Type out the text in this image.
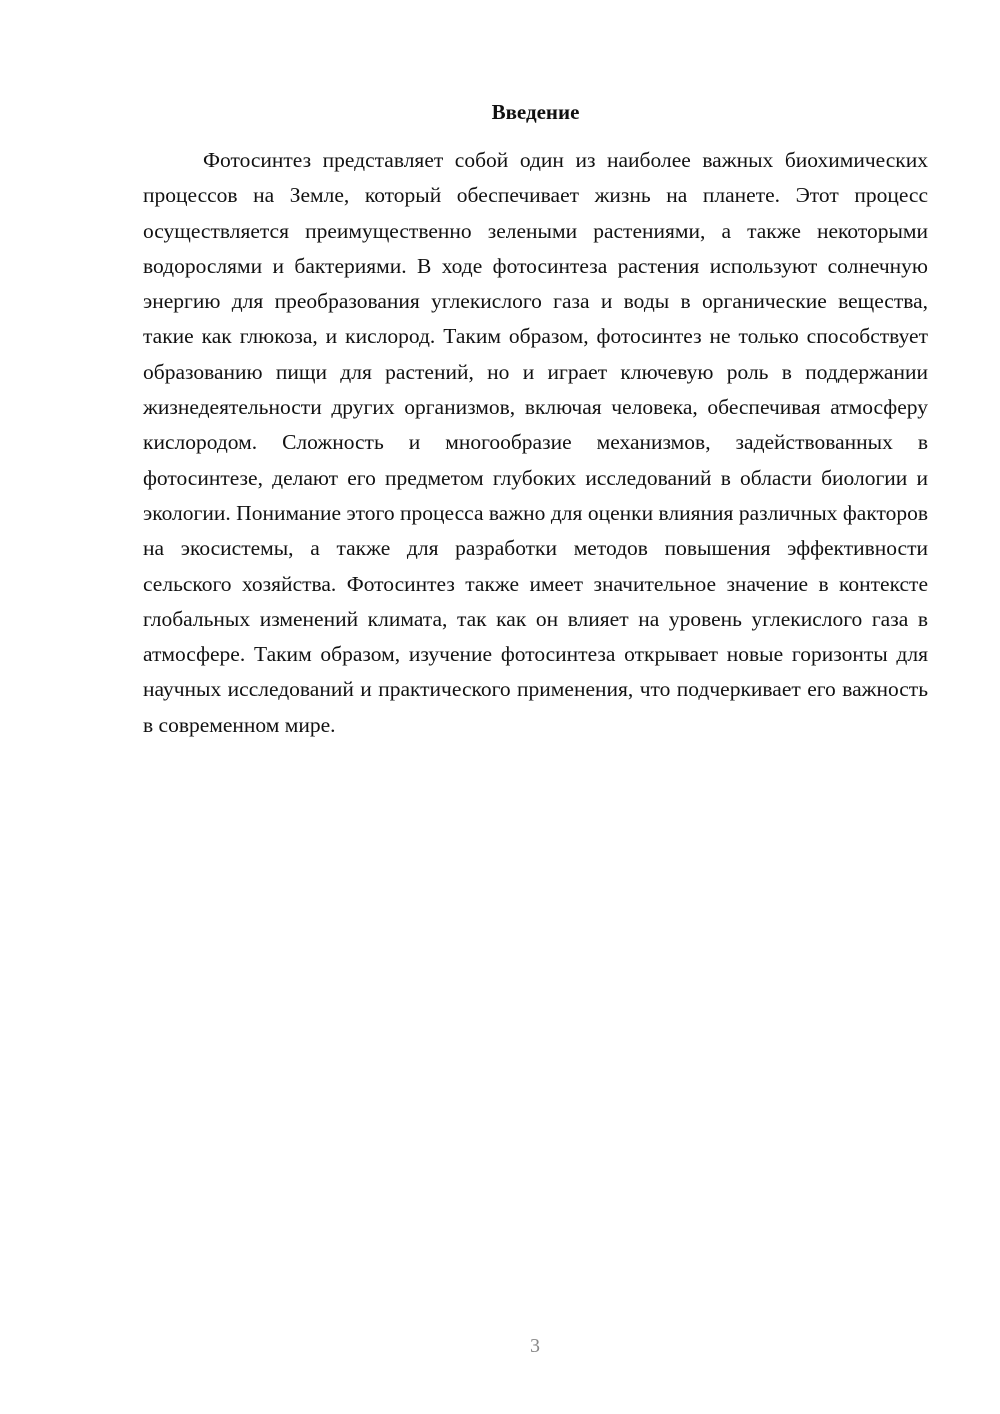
Введение

Фотосинтез представляет собой один из наиболее важных биохимических процессов на Земле, который обеспечивает жизнь на планете. Этот процесс осуществляется преимущественно зелеными растениями, а также некоторыми водорослями и бактериями. В ходе фотосинтеза растения используют солнечную энергию для преобразования углекислого газа и воды в органические вещества, такие как глюкоза, и кислород. Таким образом, фотосинтез не только способствует образованию пищи для растений, но и играет ключевую роль в поддержании жизнедеятельности других организмов, включая человека, обеспечивая атмосферу кислородом. Сложность и многообразие механизмов, задействованных в фотосинтезе, делают его предметом глубоких исследований в области биологии и экологии. Понимание этого процесса важно для оценки влияния различных факторов на экосистемы, а также для разработки методов повышения эффективности сельского хозяйства. Фотосинтез также имеет значительное значение в контексте глобальных изменений климата, так как он влияет на уровень углекислого газа в атмосфере. Таким образом, изучение фотосинтеза открывает новые горизонты для научных исследований и практического применения, что подчеркивает его важность в современном мире.

3
